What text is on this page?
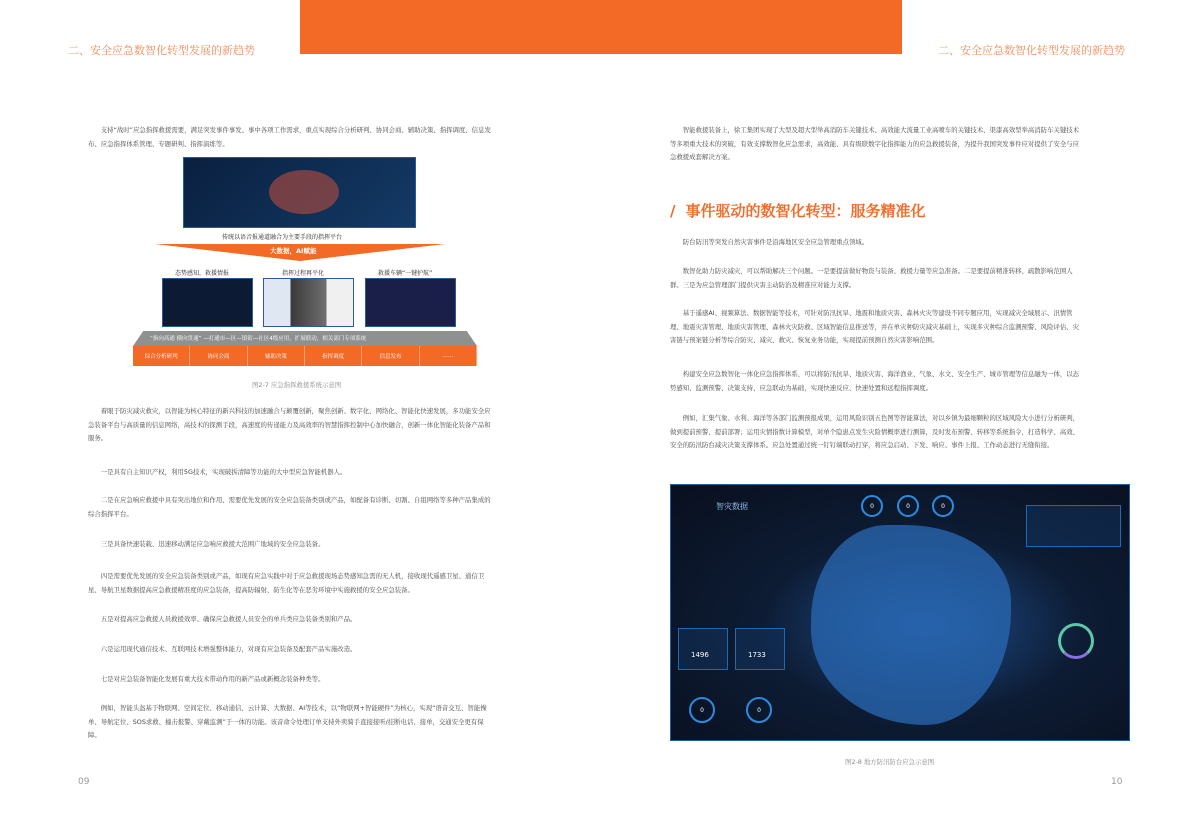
二、安全应急数智化转型发展的新趋势

支持“战时”应急指挥救援需要，满足突发事件事发、事中各项工作需求，重点实现综合分析研判、协同会商、辅助决策、指挥调度、信息发布、应急指挥体系管理、专题研判、指挥演练等。

传统以语音报通道融合为主要手段的指挥平台
大数据，AI赋能
态势感知，救援情报	指挥过程再平化	救援车辆“一键护航”
“指向高通 横向贯通” —打通市—区—镇街—社区4级应用，扩展联动，相关部门专项系统
综合分析研判	协同会商	辅助决策	指挥调度	信息发布	……
图2-7 应急指挥救援系统示意图

着眼于防灾减灾救灾，以智能为核心特征的新兴科技的加速融合与颠覆创新，聚焦创新、数字化、网络化、智能化快速发展，多功能安全应急装备平台与高质量的信息网络，高技术的探测手段，高速度的传递能力及高效率的智慧指挥控制中心加快融合，创新一体化智能化装备产品和服务。

一是具有自主知识产权，利用5G技术，实现破拆清障等功能的大中型应急智能机器人。

二是在应急响应救援中具有突出地位和作用、需要优先发展的安全应急装备类别或产品，如配备有诊断、切割、自组网络等多种产品集成的综合指挥平台。

三是具备快速装载、迅速移动满足应急响应救援大范围广地域的安全应急装备。

四是需要优先发展的安全应急装备类别或产品，如现有应急实践中对于应急救援现场态势感知急需的无人机，接收现代遥感卫星、通信卫星、导航卫星数据提高应急救援精准度的应急装备，提高防辐射、防生化等在恶劣环境中实施救援的安全应急装备。

五是对提高应急救援人员救援效率、确保应急救援人员安全的单兵类应急装备类别和产品。

六是运用现代通信技术、互联网技术增强整体能力，对现有应急装备及配套产品实施改造。

七是对应急装备智能化发展有重大技术带动作用的新产品或新概念装备种类等。

例如，智能头盔基于物联网、空间定位、移动通信、云计算、大数据、AI等技术，以“物联网+智能硬件”为核心，实现“语音交互、智能操单、导航定位、SOS求救、撞击报警、穿戴监测”于一体的功能。该音命令处理订单支持外卖骑手直接接听/挂断电话、接单，交通安全更有保障。

09
二、安全应急数智化转型发展的新趋势

智能救援装备上，徐工集团实现了大型及超大型举高消防车关键技术、高效能大流量工业高喷车的关键技术、渠漆高效型举高消防车关键技术等多项重大技术的突破，有效支撑数智化应急需求，高效能、具有级联数字化指挥能力的应急救援装备，为提升我国突发事件应对提供了安全与应急救援成套解决方案。

/ 事件驱动的数智化转型：服务精准化

防台防汛等突发自然灾害事件是沿海地区安全应急管理重点领域。

数智化助力防灾减灾，可以帮助解决三个问题。一是要提前做好物资与装备、救援力量等应急准备。二是要提前精准转移、疏散影响范围人群。三是为应急管理部门提供灾害主动防治及精准应对能力支撑。

基于遥感AI、视频算法、数据智能等技术，可针对防汛抗旱、地震和地质灾害、森林火灾等建设不同专题应用，实现减灾全域展示、汛情管理、地震灾害管理、地质灾害管理、森林火灾防救、区域智能信息推送等，并在单灾种防灾减灾基础上，实现多灾种综合监测预警、风险评估、灾害链与预案链分析等综合防灾、减灾、救灾、恢复业务功能，实现提前预测自然灾害影响范围。

构建安全应急数智化一体化应急指挥体系，可以将防汛抗旱、地质灾害、海洋渔业、气象、水文、安全生产、城市管理等信息融为一体，以态势感知、监测预警、决策支持、应急联动为基础，实现快速反应、快速处置和远程指挥调度。

例如，汇集气象、水利、海洋等各部门监测预报成果，运用风险识别五色图等智能算法，对以乡镇为最细颗粒的区域风险大小进行分析研判，做到提前预警、提前部署；运用灾情指数计算模型，对单个隐患点发生灾险情概率进行测算，及时发布预警、转移等系统指令，打造科学、高效、安全的防汛防台减灾决策支撑体系。应急处置通过统一钉钉端联动打穿，将应急启动、下发、响应、事件上报、工作动态进行无缝衔接。

智灾数据	0	0	0
1496	1733
0	0
图2-8 地方防汛防台应急示意图
10
